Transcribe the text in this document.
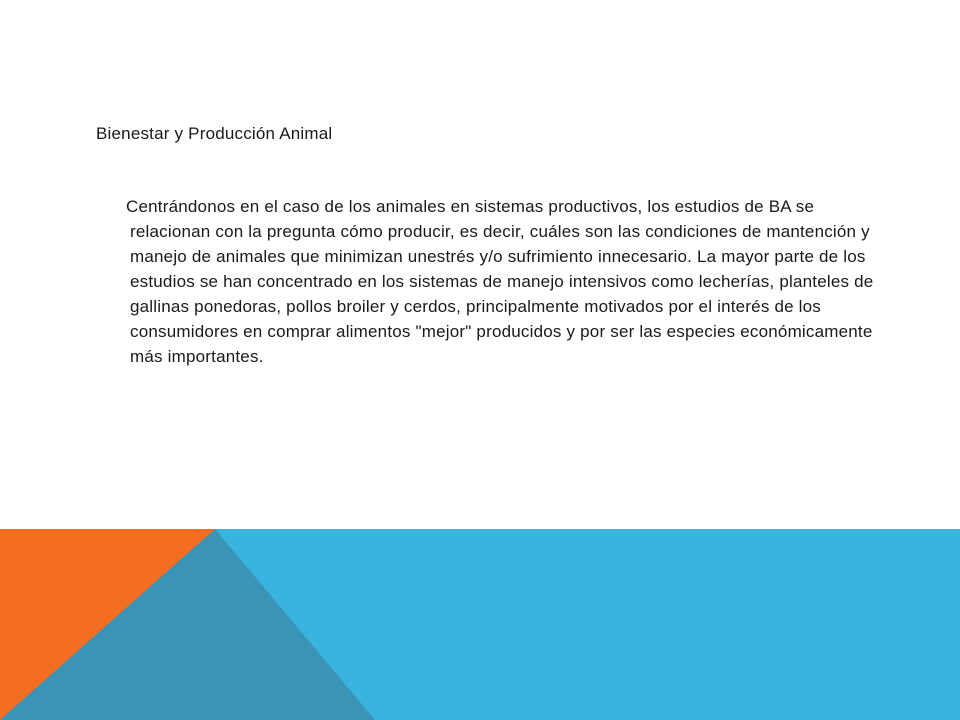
Bienestar y Producción Animal
Centrándonos en el caso de los animales en sistemas productivos, los estudios de BA se relacionan con la pregunta cómo producir, es decir, cuáles son las condiciones de mantención y manejo de animales que minimizan unestrés y/o sufrimiento innecesario. La mayor parte de los estudios se han concentrado en los sistemas de manejo intensivos como lecherías, planteles de gallinas ponedoras, pollos broiler y cerdos, principalmente motivados por el interés de los consumidores en comprar alimentos "mejor" producidos y por ser las especies económicamente más importantes.
